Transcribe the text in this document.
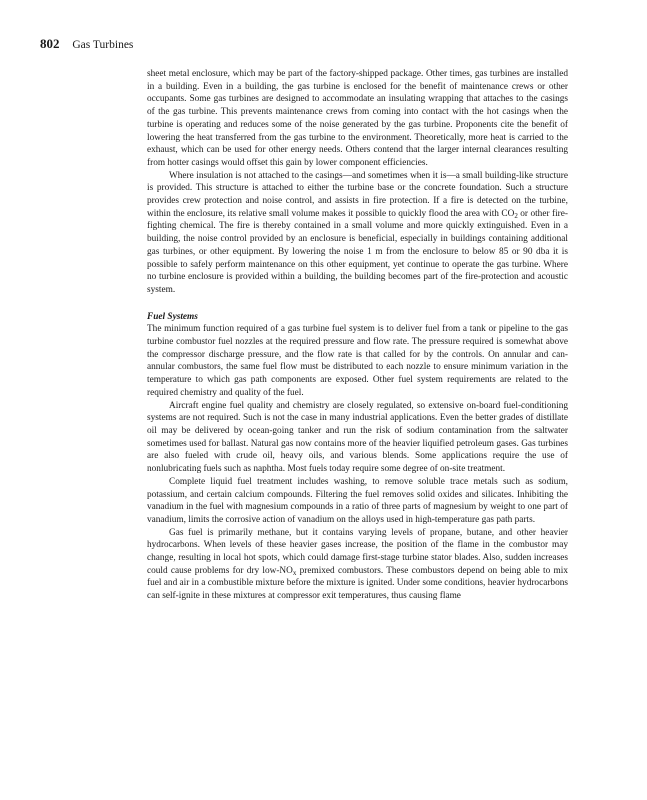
802 Gas Turbines

sheet metal enclosure, which may be part of the factory-shipped package. Other times, gas turbines are installed in a building. Even in a building, the gas turbine is enclosed for the benefit of maintenance crews or other occupants. Some gas turbines are designed to accommodate an insulating wrapping that attaches to the casings of the gas turbine. This prevents maintenance crews from coming into contact with the hot casings when the turbine is operating and reduces some of the noise generated by the gas turbine. Proponents cite the benefit of lowering the heat transferred from the gas turbine to the environment. Theoretically, more heat is carried to the exhaust, which can be used for other energy needs. Others contend that the larger internal clearances resulting from hotter casings would offset this gain by lower component efficiencies.

Where insulation is not attached to the casings—and sometimes when it is—a small building-like structure is provided. This structure is attached to either the turbine base or the concrete foundation. Such a structure provides crew protection and noise control, and assists in fire protection. If a fire is detected on the turbine, within the enclosure, its relative small volume makes it possible to quickly flood the area with $CO_2$ or other fire-fighting chemical. The fire is thereby contained in a small volume and more quickly extinguished. Even in a building, the noise control provided by an enclosure is beneficial, especially in buildings containing additional gas turbines, or other equipment. By lowering the noise 1 m from the enclosure to below 85 or 90 dba it is possible to safely perform maintenance on this other equipment, yet continue to operate the gas turbine. Where no turbine enclosure is provided within a building, the building becomes part of the fire-protection and acoustic system.

Fuel Systems

The minimum function required of a gas turbine fuel system is to deliver fuel from a tank or pipeline to the gas turbine combustor fuel nozzles at the required pressure and flow rate. The pressure required is somewhat above the compressor discharge pressure, and the flow rate is that called for by the controls. On annular and can-annular combustors, the same fuel flow must be distributed to each nozzle to ensure minimum variation in the temperature to which gas path components are exposed. Other fuel system requirements are related to the required chemistry and quality of the fuel.

Aircraft engine fuel quality and chemistry are closely regulated, so extensive on-board fuel-conditioning systems are not required. Such is not the case in many industrial applications. Even the better grades of distillate oil may be delivered by ocean-going tanker and run the risk of sodium contamination from the saltwater sometimes used for ballast. Natural gas now contains more of the heavier liquified petroleum gases. Gas turbines are also fueled with crude oil, heavy oils, and various blends. Some applications require the use of nonlubricating fuels such as naphtha. Most fuels today require some degree of on-site treatment.

Complete liquid fuel treatment includes washing, to remove soluble trace metals such as sodium, potassium, and certain calcium compounds. Filtering the fuel removes solid oxides and silicates. Inhibiting the vanadium in the fuel with magnesium compounds in a ratio of three parts of magnesium by weight to one part of vanadium, limits the corrosive action of vanadium on the alloys used in high-temperature gas path parts.

Gas fuel is primarily methane, but it contains varying levels of propane, butane, and other heavier hydrocarbons. When levels of these heavier gases increase, the position of the flame in the combustor may change, resulting in local hot spots, which could damage first-stage turbine stator blades. Also, sudden increases could cause problems for dry low-$NO_x$ premixed combustors. These combustors depend on being able to mix fuel and air in a combustible mixture before the mixture is ignited. Under some conditions, heavier hydrocarbons can self-ignite in these mixtures at compressor exit temperatures, thus causing flame
